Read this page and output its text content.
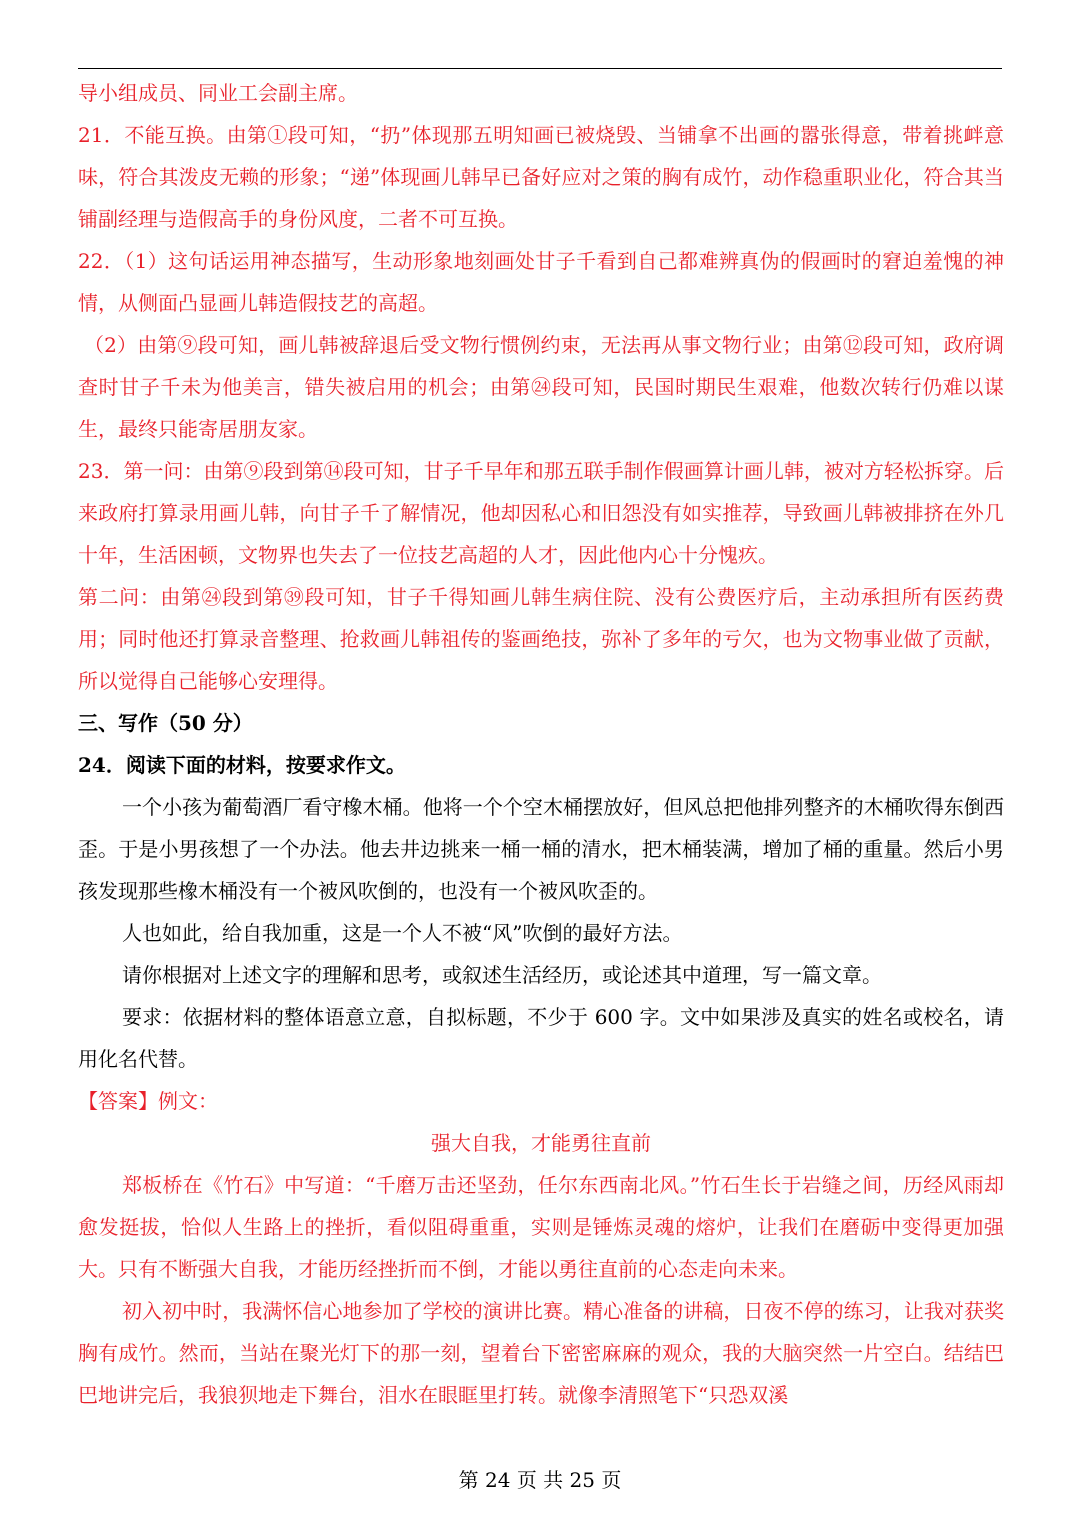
导小组成员、同业工会副主席。

21．不能互换。由第①段可知，“扔”体现那五明知画已被烧毁、当铺拿不出画的嚣张得意，带着挑衅意味，符合其泼皮无赖的形象；“递”体现画儿韩早已备好应对之策的胸有成竹，动作稳重职业化，符合其当铺副经理与造假高手的身份风度，二者不可互换。

22．（1）这句话运用神态描写，生动形象地刻画处甘子千看到自己都难辨真伪的假画时的窘迫羞愧的神情，从侧面凸显画儿韩造假技艺的高超。

（2）由第⑨段可知，画儿韩被辞退后受文物行惯例约束，无法再从事文物行业；由第⑫段可知，政府调查时甘子千未为他美言，错失被启用的机会；由第㉔段可知，民国时期民生艰难，他数次转行仍难以谋生，最终只能寄居朋友家。

23．第一问：由第⑨段到第⑭段可知，甘子千早年和那五联手制作假画算计画儿韩，被对方轻松拆穿。后来政府打算录用画儿韩，向甘子千了解情况，他却因私心和旧怨没有如实推荐，导致画儿韩被排挤在外几十年，生活困顿，文物界也失去了一位技艺高超的人才，因此他内心十分愧疚。

第二问：由第㉔段到第㊴段可知，甘子千得知画儿韩生病住院、没有公费医疗后，主动承担所有医药费用；同时他还打算录音整理、抢救画儿韩祖传的鉴画绝技，弥补了多年的亏欠，也为文物事业做了贡献，所以觉得自己能够心安理得。

三、写作（50 分）

24．阅读下面的材料，按要求作文。

一个小孩为葡萄酒厂看守橡木桶。他将一个个空木桶摆放好，但风总把他排列整齐的木桶吹得东倒西歪。于是小男孩想了一个办法。他去井边挑来一桶一桶的清水，把木桶装满，增加了桶的重量。然后小男孩发现那些橡木桶没有一个被风吹倒的，也没有一个被风吹歪的。

人也如此，给自我加重，这是一个人不被“风”吹倒的最好方法。

请你根据对上述文字的理解和思考，或叙述生活经历，或论述其中道理，写一篇文章。

要求：依据材料的整体语意立意，自拟标题，不少于 600 字。文中如果涉及真实的姓名或校名，请用化名代替。

【答案】例文：

强大自我，才能勇往直前

郑板桥在《竹石》中写道：“千磨万击还坚劲，任尔东西南北风。”竹石生长于岩缝之间，历经风雨却愈发挺拔，恰似人生路上的挫折，看似阻碍重重，实则是锤炼灵魂的熔炉，让我们在磨砺中变得更加强大。只有不断强大自我，才能历经挫折而不倒，才能以勇往直前的心态走向未来。

初入初中时，我满怀信心地参加了学校的演讲比赛。精心准备的讲稿，日夜不停的练习，让我对获奖胸有成竹。然而，当站在聚光灯下的那一刻，望着台下密密麻麻的观众，我的大脑突然一片空白。结结巴巴地讲完后，我狼狈地走下舞台，泪水在眼眶里打转。就像李清照笔下“只恐双溪

第 24 页 共 25 页
